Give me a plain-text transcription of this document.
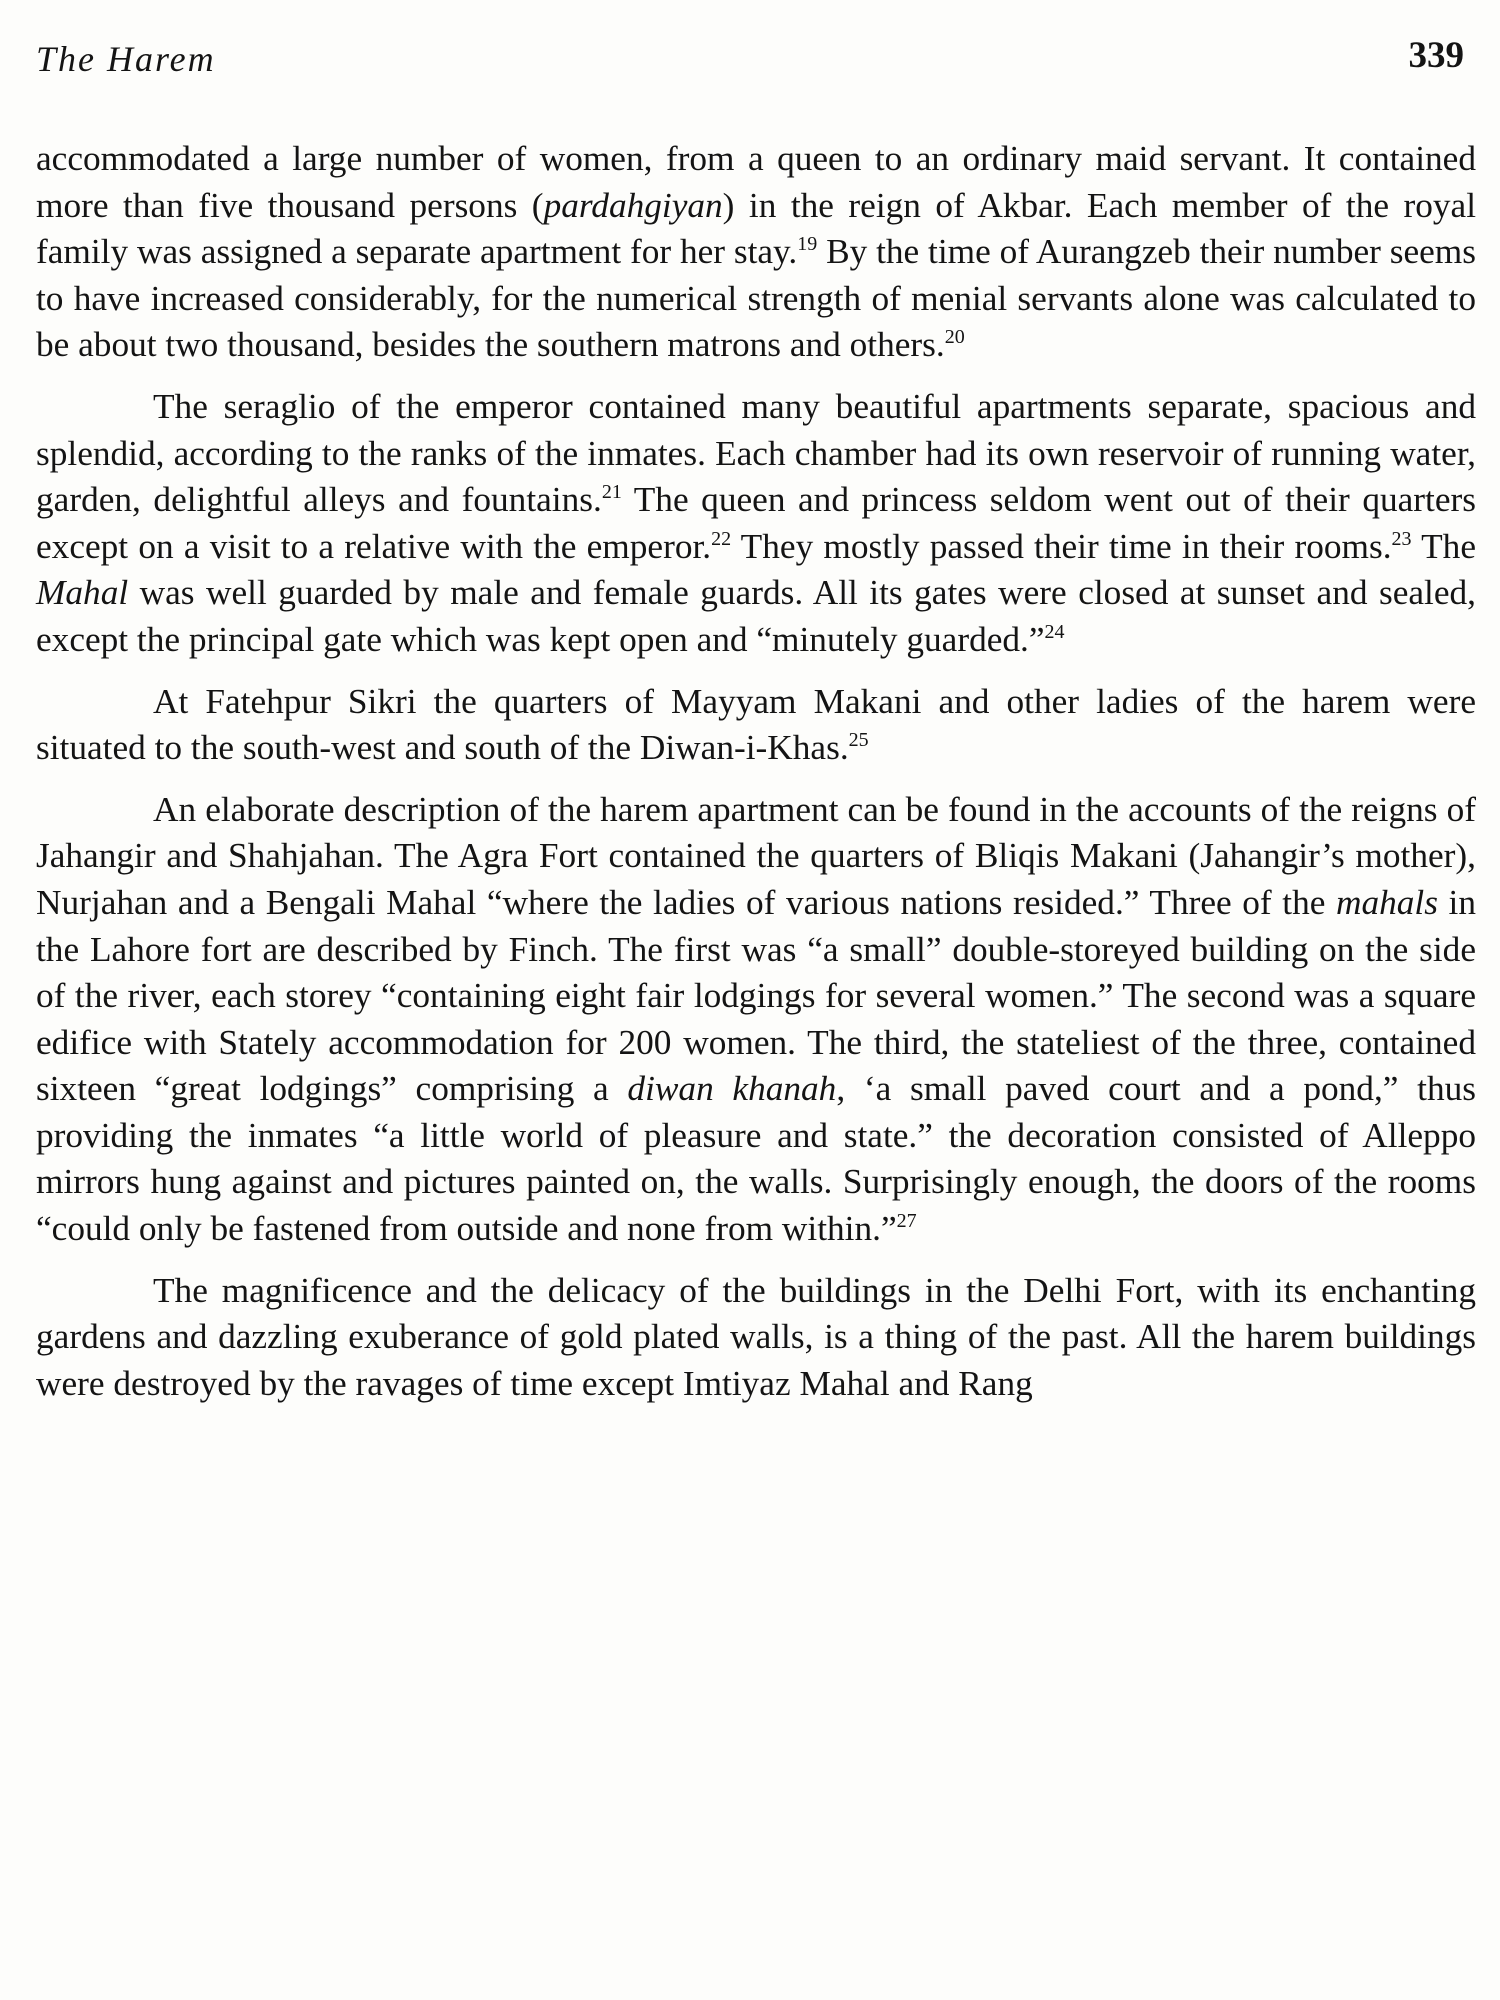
The Harem	339

accommodated a large number of women, from a queen to an ordinary maid servant. It contained more than five thousand persons (pardahgiyan) in the reign of Akbar. Each member of the royal family was assigned a separate apartment for her stay.$^{19}$ By the time of Aurangzeb their number seems to have increased considerably, for the numerical strength of menial servants alone was calculated to be about two thousand, besides the southern matrons and others.$^{20}$

The seraglio of the emperor contained many beautiful apartments separate, spacious and splendid, according to the ranks of the inmates. Each chamber had its own reservoir of running water, garden, delightful alleys and fountains.$^{21}$ The queen and princess seldom went out of their quarters except on a visit to a relative with the emperor.$^{22}$ They mostly passed their time in their rooms.$^{23}$ The Mahal was well guarded by male and female guards. All its gates were closed at sunset and sealed, except the principal gate which was kept open and “minutely guarded.”$^{24}$

At Fatehpur Sikri the quarters of Mayyam Makani and other ladies of the harem were situated to the south-west and south of the Diwan-i-Khas.$^{25}$

An elaborate description of the harem apartment can be found in the accounts of the reigns of Jahangir and Shahjahan. The Agra Fort contained the quarters of Bliqis Makani (Jahangir’s mother), Nurjahan and a Bengali Mahal “where the ladies of various nations resided.” Three of the mahals in the Lahore fort are described by Finch. The first was “a small” double-storeyed building on the side of the river, each storey “containing eight fair lodgings for several women.” The second was a square edifice with Stately accommodation for 200 women. The third, the stateliest of the three, contained sixteen “great lodgings” comprising a diwan khanah, ‘a small paved court and a pond,” thus providing the inmates “a little world of pleasure and state.” the decoration consisted of Alleppo mirrors hung against and pictures painted on, the walls. Surprisingly enough, the doors of the rooms “could only be fastened from outside and none from within.”$^{27}$

The magnificence and the delicacy of the buildings in the Delhi Fort, with its enchanting gardens and dazzling exuberance of gold plated walls, is a thing of the past. All the harem buildings were destroyed by the ravages of time except Imtiyaz Mahal and Rang
